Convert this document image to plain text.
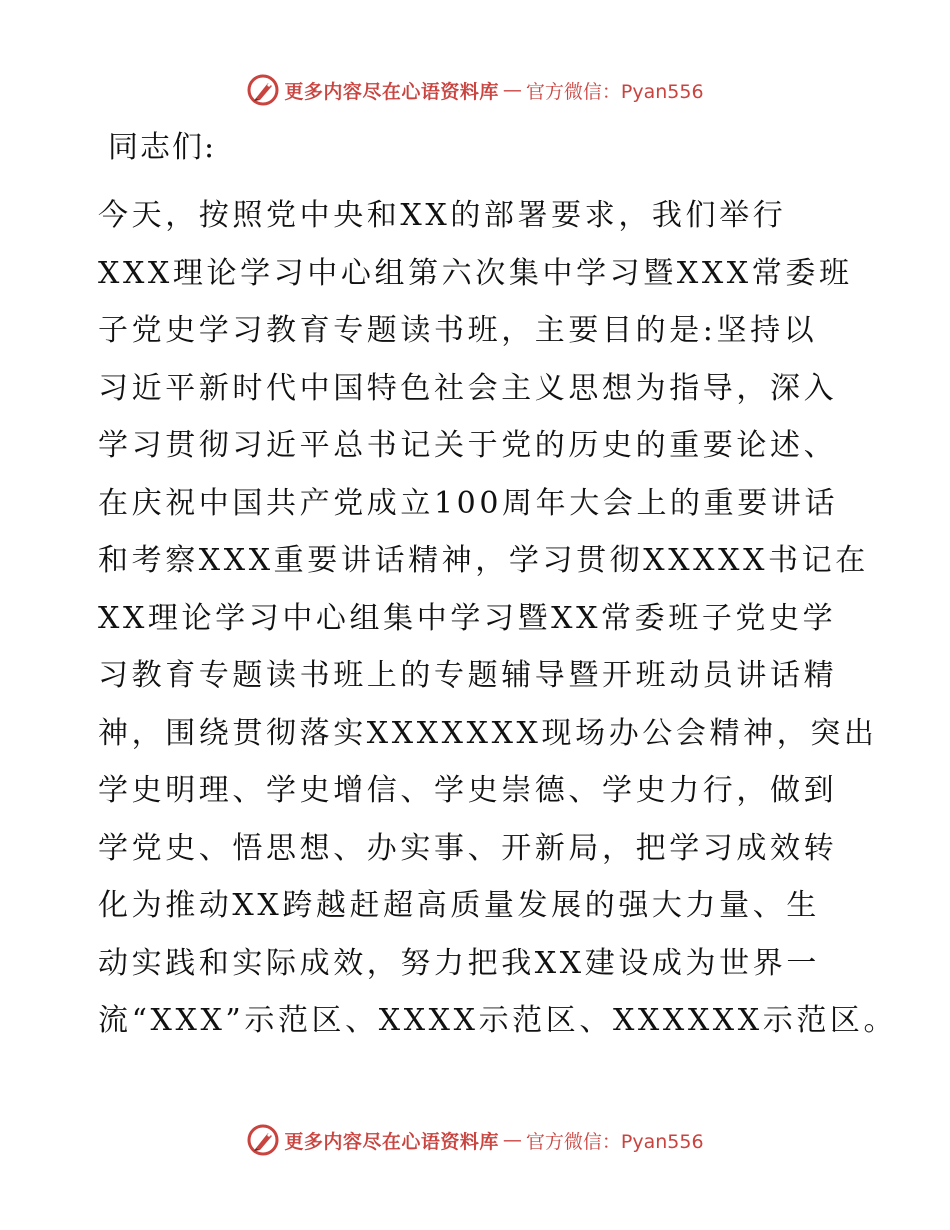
更多内容尽在心语资料库 — 官方微信：Pyan556
同志们:
今天，按照党中央和XX的部署要求，我们举行
XXX理论学习中心组第六次集中学习暨XXX常委班
子党史学习教育专题读书班，主要目的是:坚持以
习近平新时代中国特色社会主义思想为指导，深入
学习贯彻习近平总书记关于党的历史的重要论述、
在庆祝中国共产党成立100周年大会上的重要讲话
和考察XXX重要讲话精神，学习贯彻XXXXX书记在
XX理论学习中心组集中学习暨XX常委班子党史学
习教育专题读书班上的专题辅导暨开班动员讲话精
神，围绕贯彻落实XXXXXXX现场办公会精神，突出
学史明理、学史增信、学史崇德、学史力行，做到
学党史、悟思想、办实事、开新局，把学习成效转
化为推动XX跨越赶超高质量发展的强大力量、生
动实践和实际成效，努力把我XX建设成为世界一
流“XXX”示范区、XXXX示范区、XXXXXX示范区。
更多内容尽在心语资料库 — 官方微信：Pyan556
